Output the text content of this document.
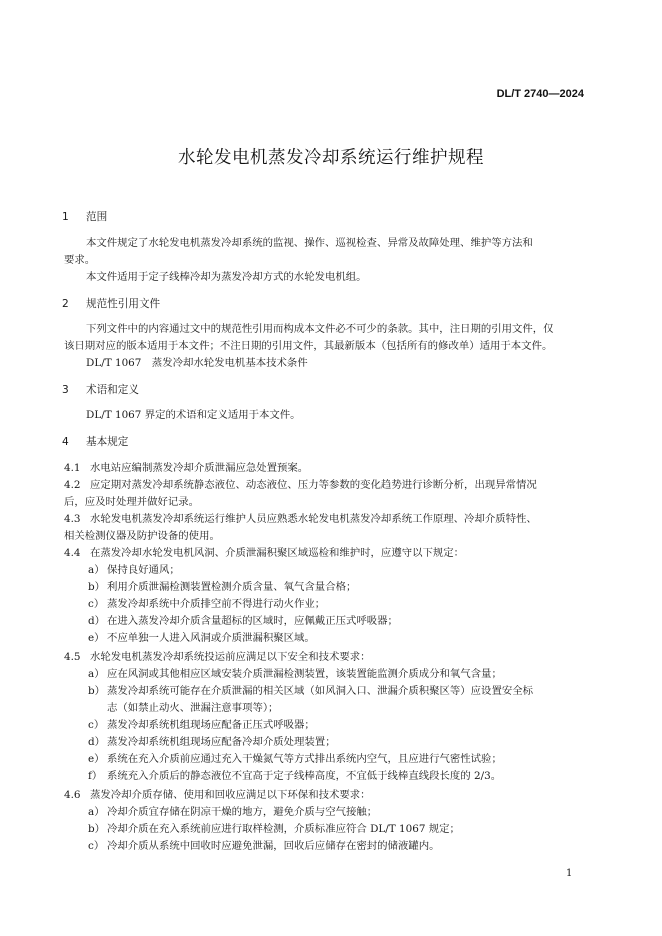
DL/T 2740—2024
水轮发电机蒸发冷却系统运行维护规程
1 范围
本文件规定了水轮发电机蒸发冷却系统的监视、操作、巡视检查、异常及故障处理、维护等方法和
要求。
本文件适用于定子线棒冷却为蒸发冷却方式的水轮发电机组。
2 规范性引用文件
下列文件中的内容通过文中的规范性引用而构成本文件必不可少的条款。其中，注日期的引用文件，仅
该日期对应的版本适用于本文件；不注日期的引用文件，其最新版本（包括所有的修改单）适用于本文件。
DL/T 1067　蒸发冷却水轮发电机基本技术条件
3 术语和定义
DL/T 1067 界定的术语和定义适用于本文件。
4 基本规定
4.1 水电站应编制蒸发冷却介质泄漏应急处置预案。
4.2 应定期对蒸发冷却系统静态液位、动态液位、压力等参数的变化趋势进行诊断分析，出现异常情况
后，应及时处理并做好记录。
4.3 水轮发电机蒸发冷却系统运行维护人员应熟悉水轮发电机蒸发冷却系统工作原理、冷却介质特性、
相关检测仪器及防护设备的使用。
4.4 在蒸发冷却水轮发电机风洞、介质泄漏积聚区域巡检和维护时，应遵守以下规定：
a） 保持良好通风；
b） 利用介质泄漏检测装置检测介质含量、氧气含量合格；
c） 蒸发冷却系统中介质排空前不得进行动火作业；
d） 在进入蒸发冷却介质含量超标的区域时，应佩戴正压式呼吸器；
e） 不应单独一人进入风洞或介质泄漏积聚区域。
4.5 水轮发电机蒸发冷却系统投运前应满足以下安全和技术要求：
a） 应在风洞或其他相应区域安装介质泄漏检测装置，该装置能监测介质成分和氧气含量；
b） 蒸发冷却系统可能存在介质泄漏的相关区域（如风洞入口、泄漏介质积聚区等）应设置安全标
志（如禁止动火、泄漏注意事项等）；
c） 蒸发冷却系统机组现场应配备正压式呼吸器；
d） 蒸发冷却系统机组现场应配备冷却介质处理装置；
e） 系统在充入介质前应通过充入干燥氮气等方式排出系统内空气，且应进行气密性试验；
f） 系统充入介质后的静态液位不宜高于定子线棒高度，不宜低于线棒直线段长度的 2/3。
4.6 蒸发冷却介质存储、使用和回收应满足以下环保和技术要求：
a） 冷却介质宜存储在阴凉干燥的地方，避免介质与空气接触；
b） 冷却介质在充入系统前应进行取样检测，介质标准应符合 DL/T 1067 规定；
c） 冷却介质从系统中回收时应避免泄漏，回收后应储存在密封的储液罐内。
1
